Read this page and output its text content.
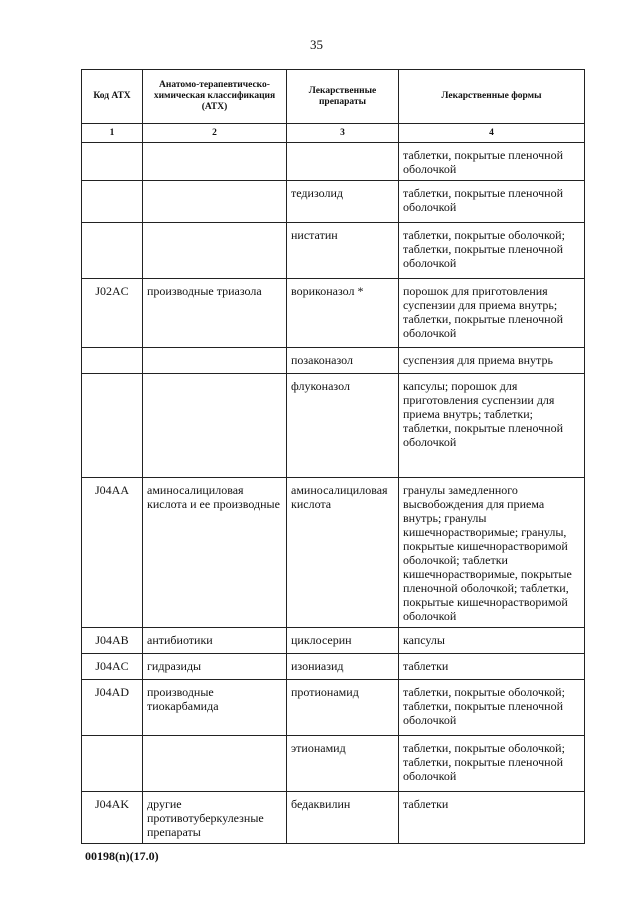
35
Код АТХ	Анатомо-терапевтическо-химическая классификация (АТХ)	Лекарственные препараты	Лекарственные формы
1	2	3	4
			таблетки, покрытые пленочной оболочкой
		тедизолид	таблетки, покрытые пленочной оболочкой
		нистатин	таблетки, покрытые оболочкой; таблетки, покрытые пленочной оболочкой
J02AC	производные триазола	вориконазол *	порошок для приготовления суспензии для приема внутрь; таблетки, покрытые пленочной оболочкой
		позаконазол	суспензия для приема внутрь
		флуконазол	капсулы; порошок для приготовления суспензии для приема внутрь; таблетки; таблетки, покрытые пленочной оболочкой
J04AA	аминосалициловая кислота и ее производные	аминосалициловая кислота	гранулы замедленного высвобождения для приема внутрь; гранулы кишечнорастворимые; гранулы, покрытые кишечнорастворимой оболочкой; таблетки кишечнорастворимые, покрытые пленочной оболочкой; таблетки, покрытые кишечнорастворимой оболочкой
J04AB	антибиотики	циклосерин	капсулы
J04AC	гидразиды	изониазид	таблетки
J04AD	производные тиокарбамида	протионамид	таблетки, покрытые оболочкой; таблетки, покрытые пленочной оболочкой
		этионамид	таблетки, покрытые оболочкой; таблетки, покрытые пленочной оболочкой
J04AK	другие противотуберкулезные препараты	бедаквилин	таблетки
00198(n)(17.0)
